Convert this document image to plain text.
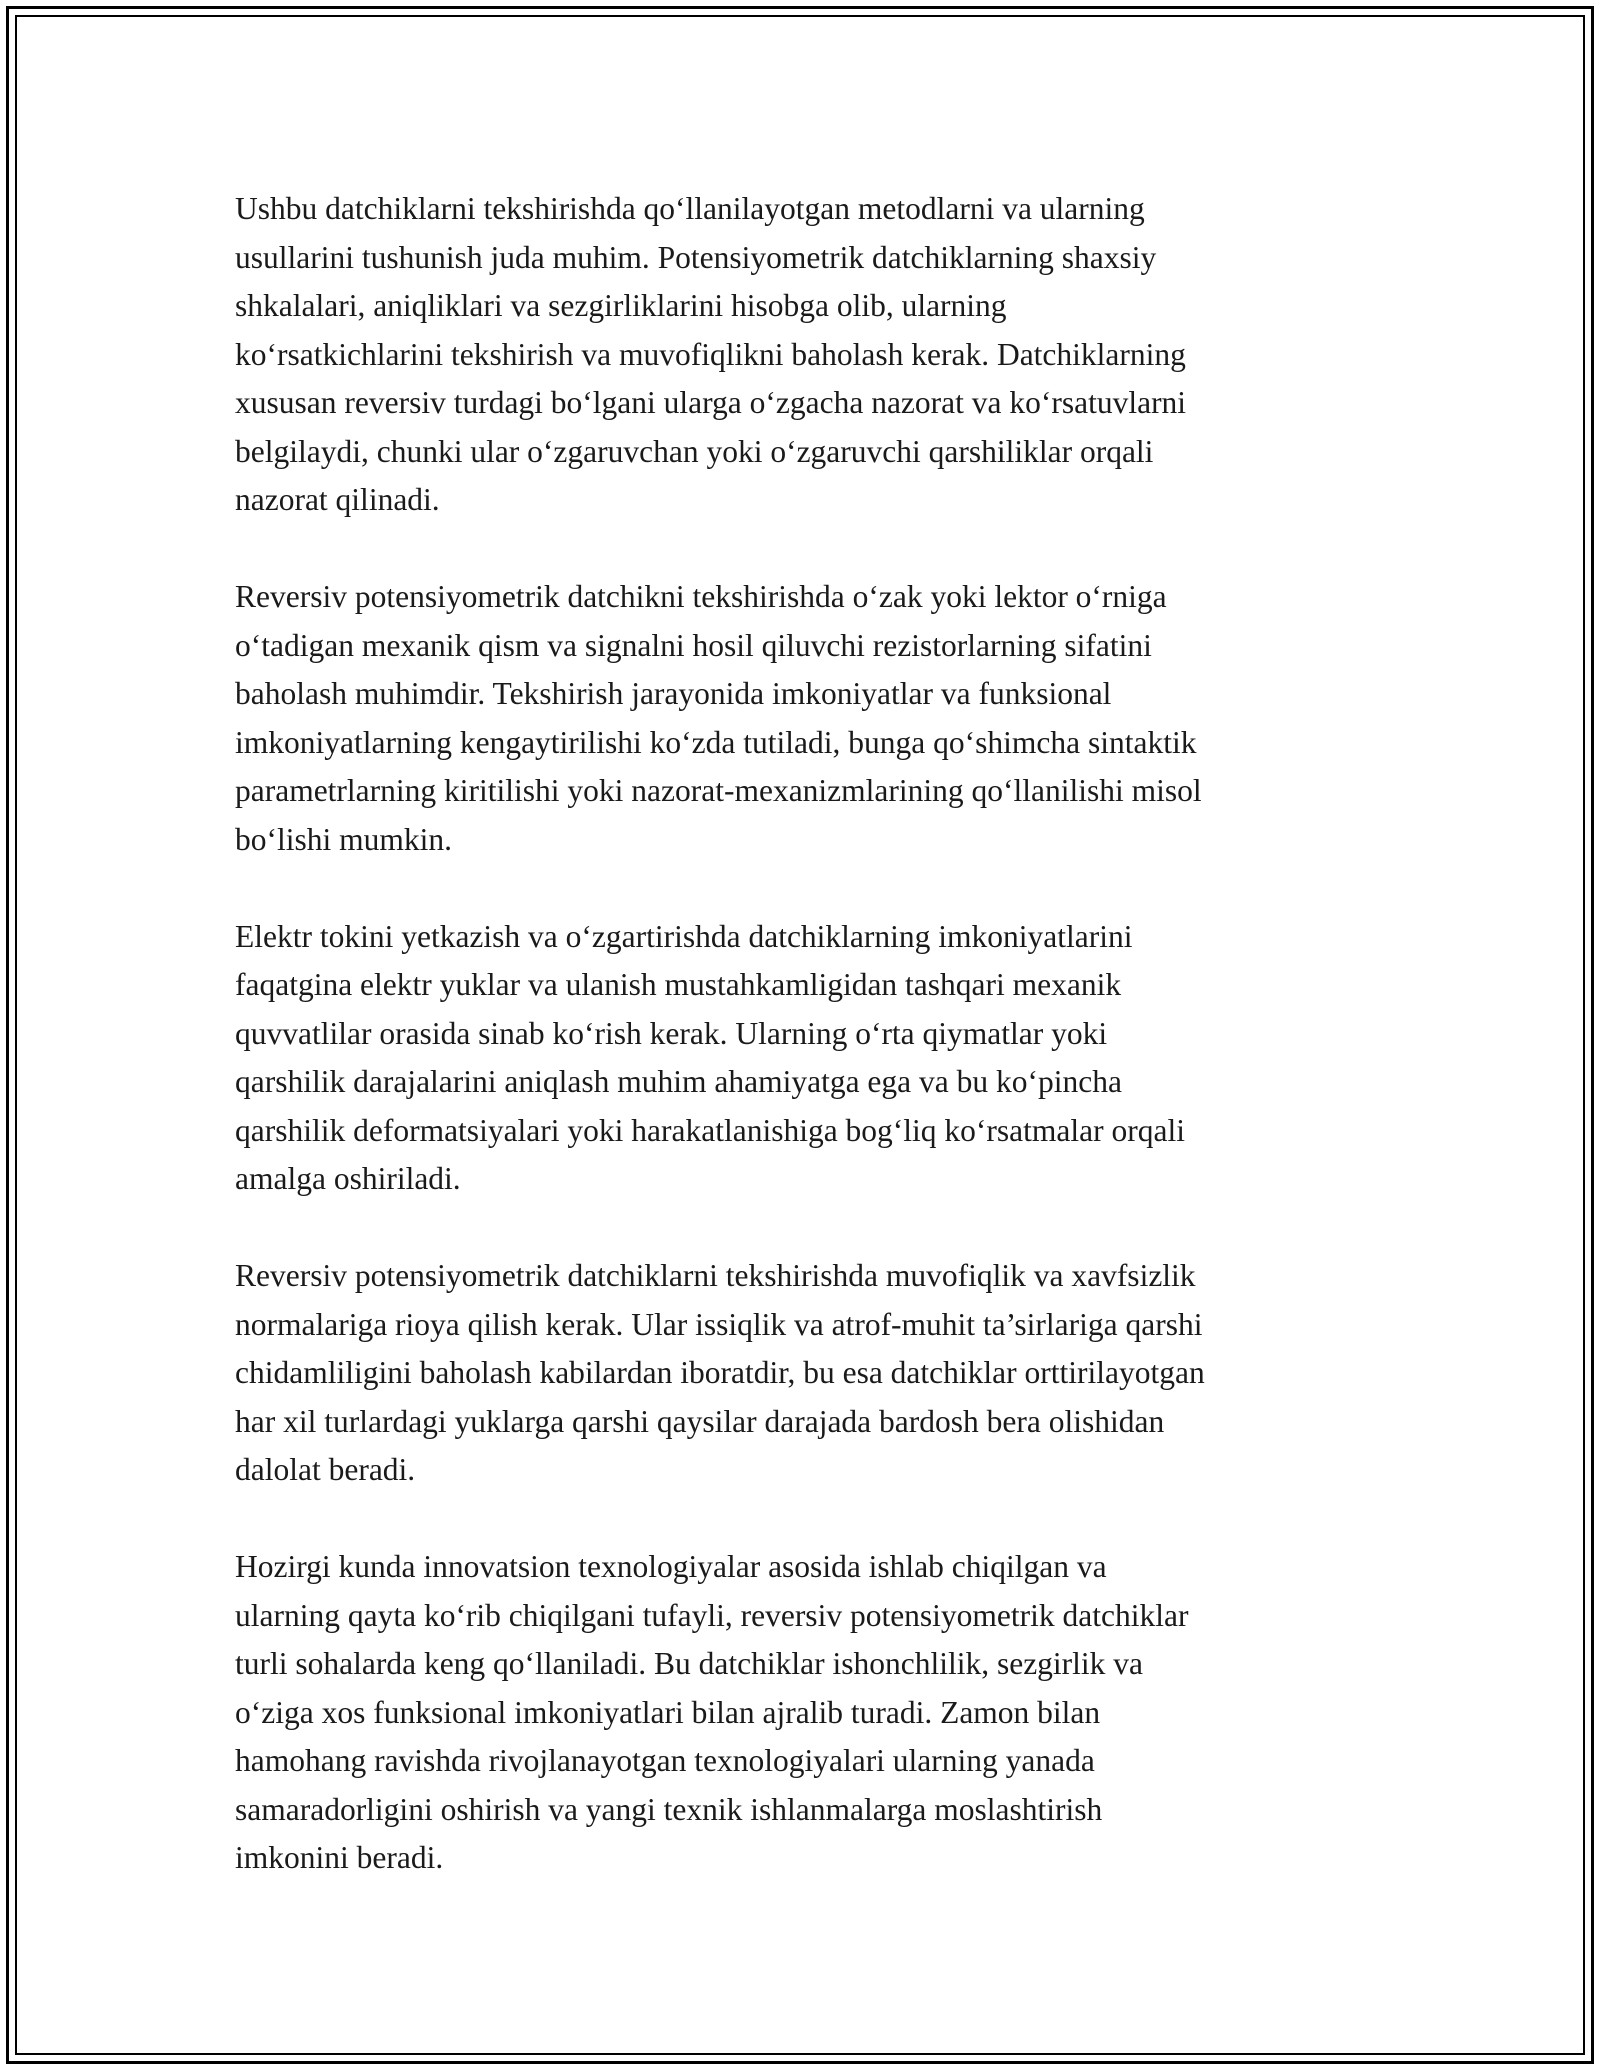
Ushbu datchiklarni tekshirishda qo‘llanilayotgan metodlarni va ularning
usullarini tushunish juda muhim. Potensiyometrik datchiklarning shaxsiy
shkalalari, aniqliklari va sezgirliklarini hisobga olib, ularning
ko‘rsatkichlarini tekshirish va muvofiqlikni baholash kerak. Datchiklarning
xususan reversiv turdagi bo‘lgani ularga o‘zgacha nazorat va ko‘rsatuvlarni
belgilaydi, chunki ular o‘zgaruvchan yoki o‘zgaruvchi qarshiliklar orqali
nazorat qilinadi.

Reversiv potensiyometrik datchikni tekshirishda o‘zak yoki lektor o‘rniga
o‘tadigan mexanik qism va signalni hosil qiluvchi rezistorlarning sifatini
baholash muhimdir. Tekshirish jarayonida imkoniyatlar va funksional
imkoniyatlarning kengaytirilishi ko‘zda tutiladi, bunga qo‘shimcha sintaktik
parametrlarning kiritilishi yoki nazorat-mexanizmlarining qo‘llanilishi misol
bo‘lishi mumkin.

Elektr tokini yetkazish va o‘zgartirishda datchiklarning imkoniyatlarini
faqatgina elektr yuklar va ulanish mustahkamligidan tashqari mexanik
quvvatlilar orasida sinab ko‘rish kerak. Ularning o‘rta qiymatlar yoki
qarshilik darajalarini aniqlash muhim ahamiyatga ega va bu ko‘pincha
qarshilik deformatsiyalari yoki harakatlanishiga bog‘liq ko‘rsatmalar orqali
amalga oshiriladi.

Reversiv potensiyometrik datchiklarni tekshirishda muvofiqlik va xavfsizlik
normalariga rioya qilish kerak. Ular issiqlik va atrof-muhit ta’sirlariga qarshi
chidamliligini baholash kabilardan iboratdir, bu esa datchiklar orttirilayotgan
har xil turlardagi yuklarga qarshi qaysilar darajada bardosh bera olishidan
dalolat beradi.

Hozirgi kunda innovatsion texnologiyalar asosida ishlab chiqilgan va
ularning qayta ko‘rib chiqilgani tufayli, reversiv potensiyometrik datchiklar
turli sohalarda keng qo‘llaniladi. Bu datchiklar ishonchlilik, sezgirlik va
o‘ziga xos funksional imkoniyatlari bilan ajralib turadi. Zamon bilan
hamohang ravishda rivojlanayotgan texnologiyalari ularning yanada
samaradorligini oshirish va yangi texnik ishlanmalarga moslashtirish
imkonini beradi.
